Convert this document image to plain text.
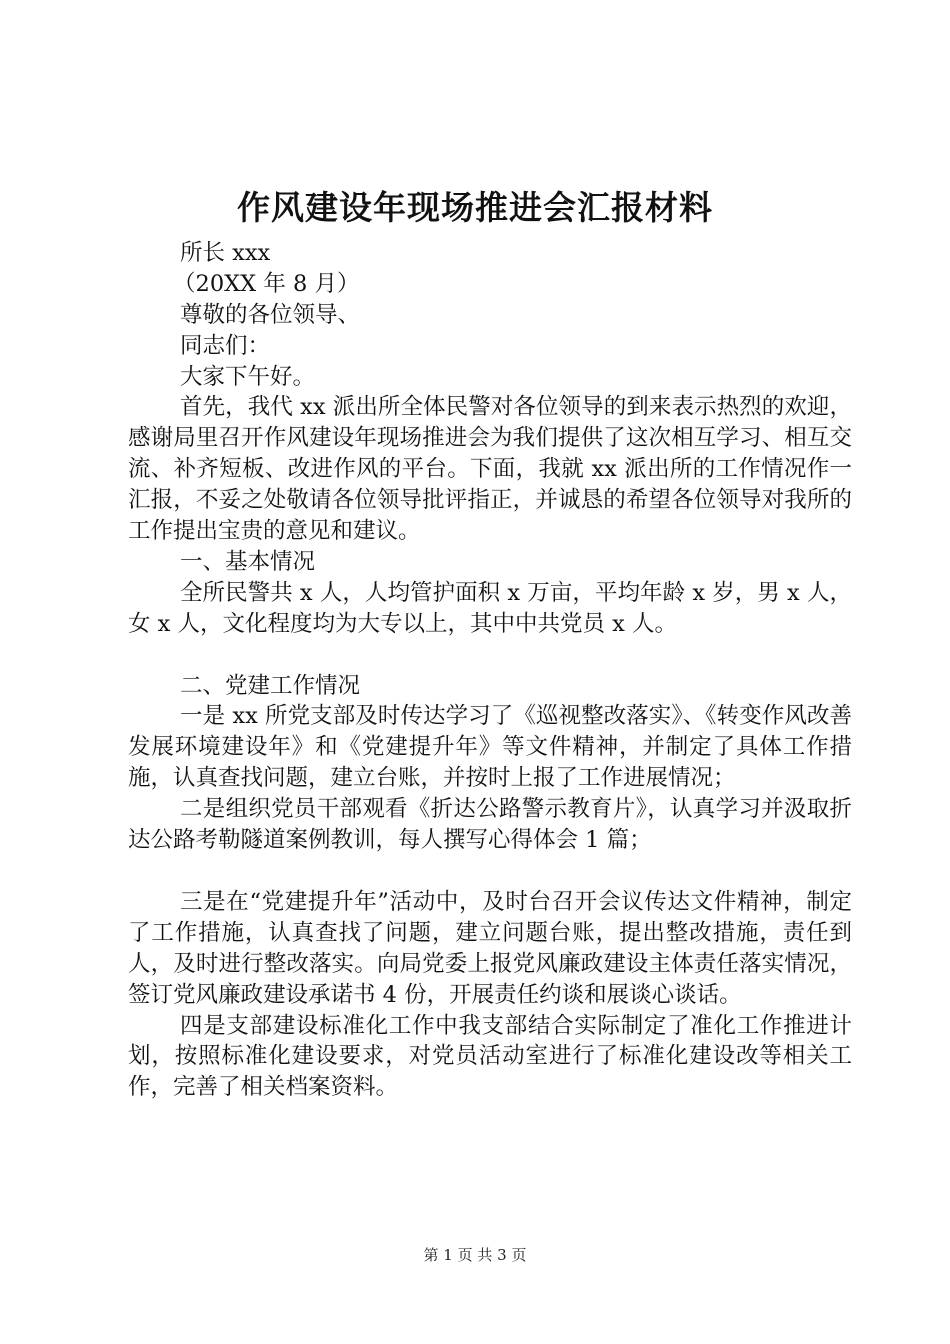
作风建设年现场推进会汇报材料
所长 xxx
（20XX 年 8 月）
尊敬的各位领导、
同志们：
大家下午好。
首先，我代 xx 派出所全体民警对各位领导的到来表示热烈的欢迎，感谢局里召开作风建设年现场推进会为我们提供了这次相互学习、相互交流、补齐短板、改进作风的平台。下面，我就 xx 派出所的工作情况作一汇报，不妥之处敬请各位领导批评指正，并诚恳的希望各位领导对我所的工作提出宝贵的意见和建议。
一、基本情况
全所民警共 x 人，人均管护面积 x 万亩，平均年龄 x 岁，男 x 人，女 x 人，文化程度均为大专以上，其中中共党员 x 人。
二、党建工作情况
一是 xx 所党支部及时传达学习了《巡视整改落实》、《转变作风改善发展环境建设年》和《党建提升年》等文件精神，并制定了具体工作措施，认真查找问题，建立台账，并按时上报了工作进展情况；
二是组织党员干部观看《折达公路警示教育片》，认真学习并汲取折达公路考勒隧道案例教训，每人撰写心得体会 1 篇；
三是在“党建提升年”活动中，及时台召开会议传达文件精神，制定了工作措施，认真查找了问题，建立问题台账，提出整改措施，责任到人，及时进行整改落实。向局党委上报党风廉政建设主体责任落实情况，签订党风廉政建设承诺书 4 份，开展责任约谈和展谈心谈话。
四是支部建设标准化工作中我支部结合实际制定了准化工作推进计划，按照标准化建设要求，对党员活动室进行了标准化建设改等相关工作，完善了相关档案资料。
第 1 页 共 3 页
